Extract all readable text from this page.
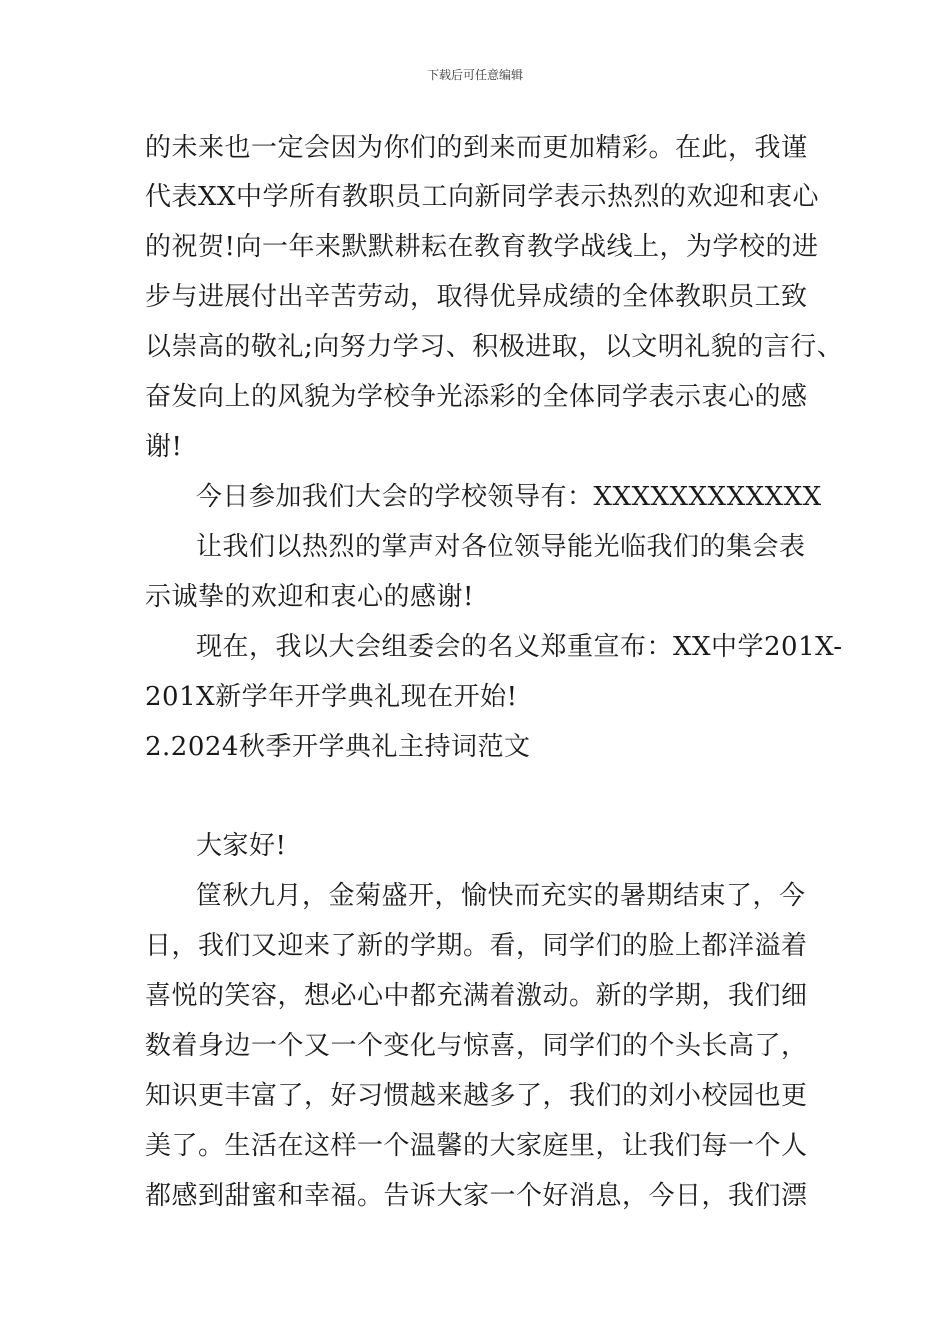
下载后可任意编辑
的未来也一定会因为你们的到来而更加精彩。在此，我谨
代表XX中学所有教职员工向新同学表示热烈的欢迎和衷心
的祝贺!向一年来默默耕耘在教育教学战线上，为学校的进
步与进展付出辛苦劳动，取得优异成绩的全体教职员工致
以崇高的敬礼;向努力学习、积极进取，以文明礼貌的言行、
奋发向上的风貌为学校争光添彩的全体同学表示衷心的感
谢!
今日参加我们大会的学校领导有：XXXXXXXXXXXX
让我们以热烈的掌声对各位领导能光临我们的集会表
示诚挚的欢迎和衷心的感谢!
现在，我以大会组委会的名义郑重宣布：XX中学201X-
201X新学年开学典礼现在开始!
2.2024秋季开学典礼主持词范文
大家好!
筐秋九月，金菊盛开，愉快而充实的暑期结束了，今
日，我们又迎来了新的学期。看，同学们的脸上都洋溢着
喜悦的笑容，想必心中都充满着激动。新的学期，我们细
数着身边一个又一个变化与惊喜，同学们的个头长高了，
知识更丰富了，好习惯越来越多了，我们的刘小校园也更
美了。生活在这样一个温馨的大家庭里，让我们每一个人
都感到甜蜜和幸福。告诉大家一个好消息，今日，我们漂
